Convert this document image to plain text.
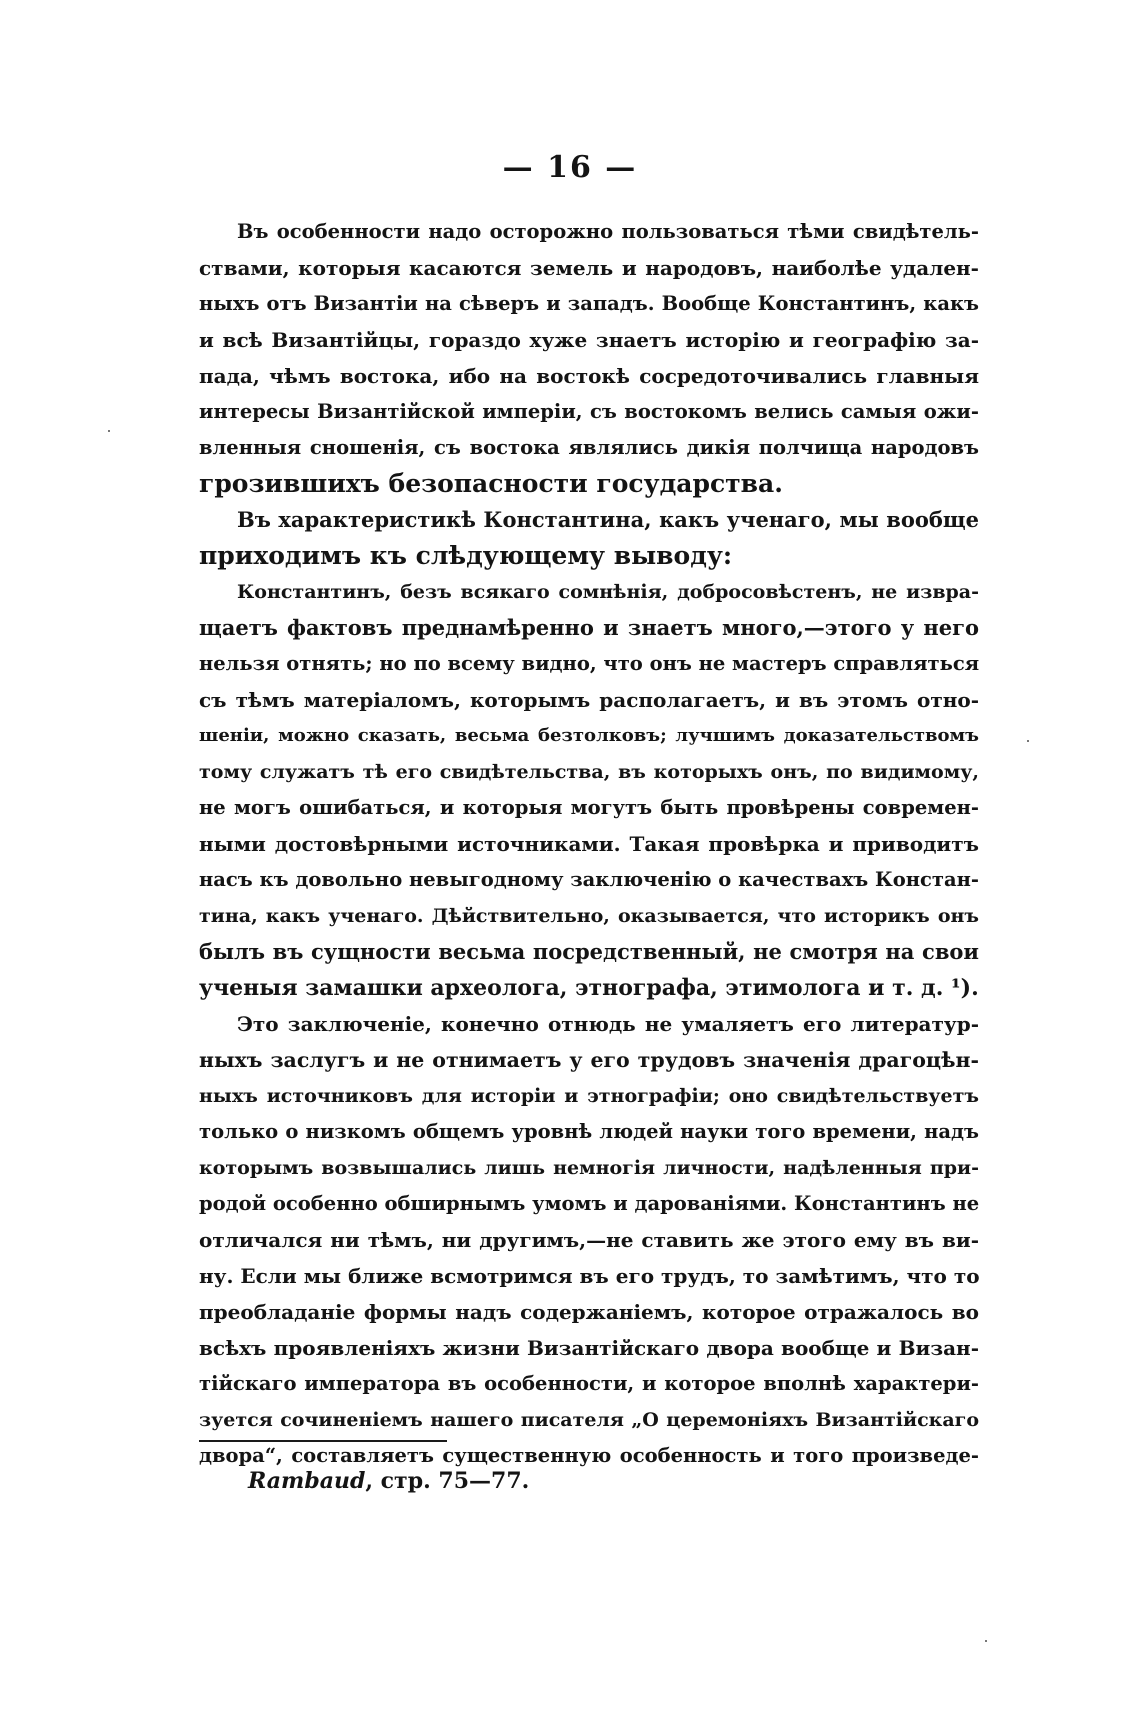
— 16 —
Въ особенности надо осторожно пользоваться тѣми свидѣтель-
ствами, которыя касаются земель и народовъ, наиболѣе удален-
ныхъ отъ Византіи на сѣверъ и западъ. Вообще Константинъ, какъ
и всѣ Византійцы, гораздо хуже знаетъ исторію и географію за-
пада, чѣмъ востока, ибо на востокѣ сосредоточивались главныя
интересы Византійской имперіи, съ востокомъ велись самыя ожи-
вленныя сношенія, съ востока являлись дикія полчища народовъ
грозившихъ безопасности государства.
Въ характеристикѣ Константина, какъ ученаго, мы вообще
приходимъ къ слѣдующему выводу:
Константинъ, безъ всякаго сомнѣнія, добросовѣстенъ, не извра-
щаетъ фактовъ преднамѣренно и знаетъ много,—этого у него
нельзя отнять; но по всему видно, что онъ не мастеръ справляться
съ тѣмъ матеріаломъ, которымъ располагаетъ, и въ этомъ отно-
шеніи, можно сказать, весьма безтолковъ; лучшимъ доказательствомъ
тому служатъ тѣ его свидѣтельства, въ которыхъ онъ, по видимому,
не могъ ошибаться, и которыя могутъ быть провѣрены современ-
ными достовѣрными источниками. Такая провѣрка и приводитъ
насъ къ довольно невыгодному заключенію о качествахъ Констан-
тина, какъ ученаго. Дѣйствительно, оказывается, что историкъ онъ
былъ въ сущности весьма посредственный, не смотря на свои
ученыя замашки археолога, этнографа, этимолога и т. д. ¹).
Это заключеніе, конечно отнюдь не умаляетъ его литератур-
ныхъ заслугъ и не отнимаетъ у его трудовъ значенія драгоцѣн-
ныхъ источниковъ для исторіи и этнографіи; оно свидѣтельствуетъ
только о низкомъ общемъ уровнѣ людей науки того времени, надъ
которымъ возвышались лишь немногія личности, надѣленныя при-
родой особенно обширнымъ умомъ и дарованіями. Константинъ не
отличался ни тѣмъ, ни другимъ,—не ставить же этого ему въ ви-
ну. Если мы ближе всмотримся въ его трудъ, то замѣтимъ, что то
преобладаніе формы надъ содержаніемъ, которое отражалось во
всѣхъ проявленіяхъ жизни Византійскаго двора вообще и Визан-
тійскаго императора въ особенности, и которое вполнѣ характери-
зуется сочиненіемъ нашего писателя „О церемоніяхъ Византійскаго
двора“, составляетъ существенную особенность и того произведе-
Rambaud, стр. 75—77.
